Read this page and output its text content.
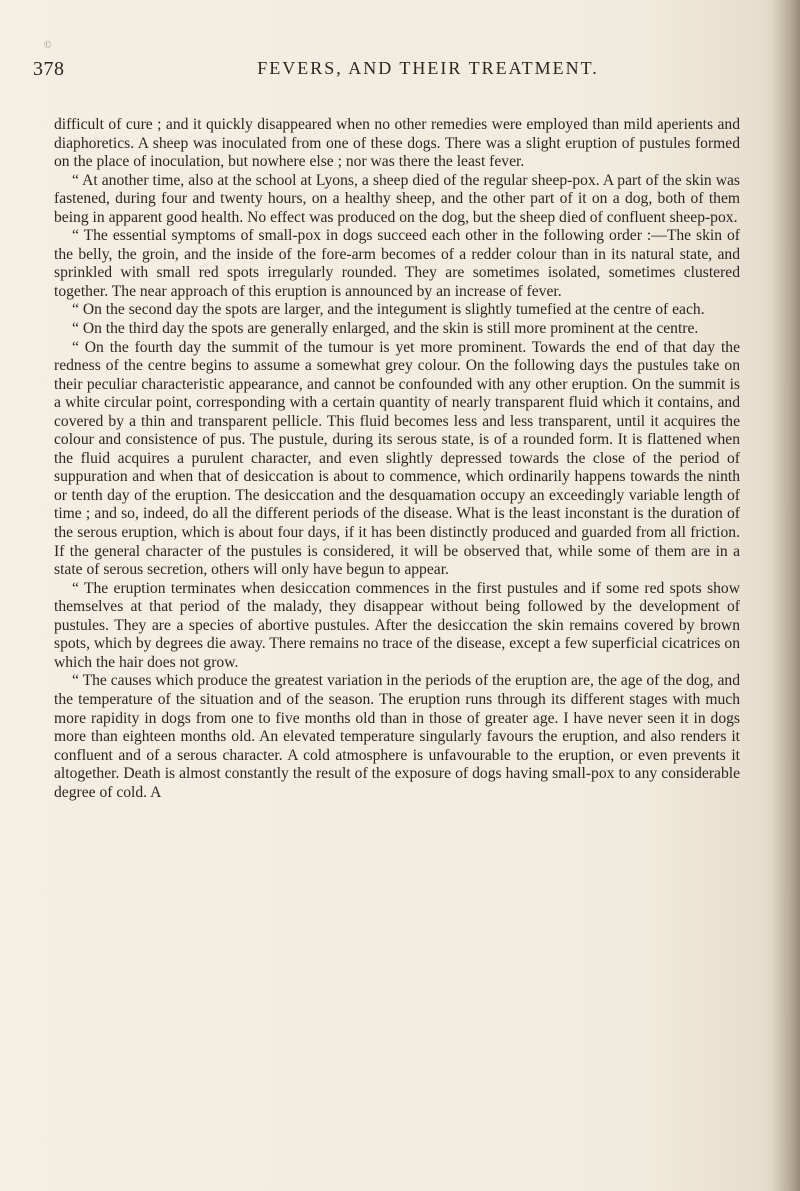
©
378	FEVERS, AND THEIR TREATMENT.

difficult of cure ; and it quickly disappeared when no other remedies were employed than mild aperients and diaphoretics. A sheep was inoculated from one of these dogs. There was a slight eruption of pustules formed on the place of inoculation, but nowhere else ; nor was there the least fever.

“ At another time, also at the school at Lyons, a sheep died of the regular sheep-pox. A part of the skin was fastened, during four and twenty hours, on a healthy sheep, and the other part of it on a dog, both of them being in apparent good health. No effect was produced on the dog, but the sheep died of confluent sheep-pox.

“ The essential symptoms of small-pox in dogs succeed each other in the following order :—The skin of the belly, the groin, and the inside of the fore-arm becomes of a redder colour than in its natural state, and sprinkled with small red spots irregularly rounded. They are sometimes isolated, sometimes clustered together. The near approach of this eruption is announced by an increase of fever.

“ On the second day the spots are larger, and the integument is slightly tumefied at the centre of each.

“ On the third day the spots are generally enlarged, and the skin is still more prominent at the centre.

“ On the fourth day the summit of the tumour is yet more prominent. Towards the end of that day the redness of the centre begins to assume a somewhat grey colour. On the following days the pustules take on their peculiar characteristic appearance, and cannot be confounded with any other eruption. On the summit is a white circular point, corresponding with a certain quantity of nearly transparent fluid which it contains, and covered by a thin and transparent pellicle. This fluid becomes less and less transparent, until it acquires the colour and consistence of pus. The pustule, during its serous state, is of a rounded form. It is flattened when the fluid acquires a purulent character, and even slightly depressed towards the close of the period of suppuration and when that of desiccation is about to commence, which ordinarily happens towards the ninth or tenth day of the eruption. The desiccation and the desquamation occupy an exceedingly variable length of time ; and so, indeed, do all the different periods of the disease. What is the least inconstant is the duration of the serous eruption, which is about four days, if it has been distinctly produced and guarded from all friction. If the general character of the pustules is considered, it will be observed that, while some of them are in a state of serous secretion, others will only have begun to appear.

“ The eruption terminates when desiccation commences in the first pustules and if some red spots show themselves at that period of the malady, they disappear without being followed by the development of pustules. They are a species of abortive pustules. After the desiccation the skin remains covered by brown spots, which by degrees die away. There remains no trace of the disease, except a few superficial cicatrices on which the hair does not grow.

“ The causes which produce the greatest variation in the periods of the eruption are, the age of the dog, and the temperature of the situation and of the season. The eruption runs through its different stages with much more rapidity in dogs from one to five months old than in those of greater age. I have never seen it in dogs more than eighteen months old. An elevated temperature singularly favours the eruption, and also renders it confluent and of a serous character. A cold atmosphere is unfavourable to the eruption, or even prevents it altogether. Death is almost constantly the result of the exposure of dogs having small-pox to any considerable degree of cold. A
